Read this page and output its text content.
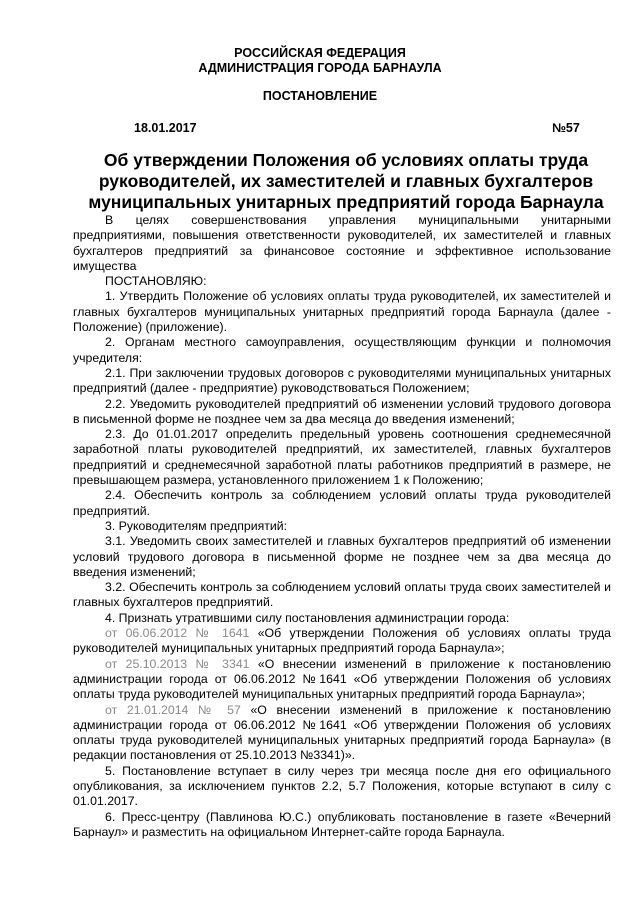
РОССИЙСКАЯ ФЕДЕРАЦИЯ
АДМИНИСТРАЦИЯ ГОРОДА БАРНАУЛА
ПОСТАНОВЛЕНИЕ
18.01.2017	№57
Об утверждении Положения об условиях оплаты труда
руководителей, их заместителей и главных бухгалтеров
муниципальных унитарных предприятий города Барнаула

В целях совершенствования управления муниципальными унитарными предприятиями, повышения ответственности руководителей, их заместителей и главных бухгалтеров предприятий за финансовое состояние и эффективное использование имущества

ПОСТАНОВЛЯЮ:

1. Утвердить Положение об условиях оплаты труда руководителей, их заместителей и главных бухгалтеров муниципальных унитарных предприятий города Барнаула (далее - Положение) (приложение).

2. Органам местного самоуправления, осуществляющим функции и полномочия учредителя:

2.1. При заключении трудовых договоров с руководителями муниципальных унитарных предприятий (далее - предприятие) руководствоваться Положением;

2.2. Уведомить руководителей предприятий об изменении условий трудового договора в письменной форме не позднее чем за два месяца до введения изменений;

2.3. До 01.01.2017 определить предельный уровень соотношения среднемесячной заработной платы руководителей предприятий, их заместителей, главных бухгалтеров предприятий и среднемесячной заработной платы работников предприятий в размере, не превышающем размера, установленного приложением 1 к Положению;

2.4. Обеспечить контроль за соблюдением условий оплаты труда руководителей предприятий.

3. Руководителям предприятий:

3.1. Уведомить своих заместителей и главных бухгалтеров предприятий об изменении условий трудового договора в письменной форме не позднее чем за два месяца до введения изменений;

3.2. Обеспечить контроль за соблюдением условий оплаты труда своих заместителей и главных бухгалтеров предприятий.

4. Признать утратившими силу постановления администрации города:

от 06.06.2012 № 1641 «Об утверждении Положения об условиях оплаты труда руководителей муниципальных унитарных предприятий города Барнаула»;

от 25.10.2013 № 3341 «О внесении изменений в приложение к постановлению администрации города от 06.06.2012 №1641 «Об утверждении Положения об условиях оплаты труда руководителей муниципальных унитарных предприятий города Барнаула»;

от 21.01.2014 № 57 «О внесении изменений в приложение к постановлению администрации города от 06.06.2012 №1641 «Об утверждении Положения об условиях оплаты труда руководителей муниципальных унитарных предприятий города Барнаула» (в редакции постановления от 25.10.2013 №3341)».

5. Постановление вступает в силу через три месяца после дня его официального опубликования, за исключением пунктов 2.2, 5.7 Положения, которые вступают в силу с 01.01.2017.

6. Пресс-центру (Павлинова Ю.С.) опубликовать постановление в газете «Вечерний Барнаул» и разместить на официальном Интернет-сайте города Барнаула.
